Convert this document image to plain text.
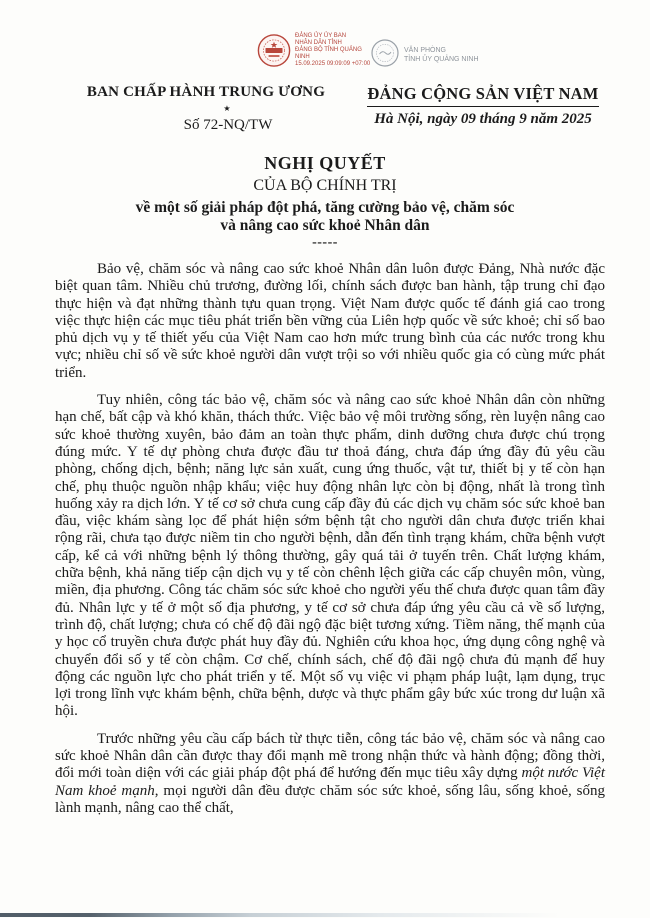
ĐẢNG ỦY ỦY BAN
NHÂN DÂN TỈNH
ĐẢNG BỘ TỈNH QUẢNG
NINH
15.09.2025 09:09:09 +07:00
VĂN PHÒNG
TỈNH ỦY QUẢNG NINH
BAN CHẤP HÀNH TRUNG ƯƠNG
★
Số 72-NQ/TW
ĐẢNG CỘNG SẢN VIỆT NAM
Hà Nội, ngày 09 tháng 9 năm 2025
NGHỊ QUYẾT
CỦA BỘ CHÍNH TRỊ
về một số giải pháp đột phá, tăng cường bảo vệ, chăm sóc
và nâng cao sức khoẻ Nhân dân
-----

Bảo vệ, chăm sóc và nâng cao sức khoẻ Nhân dân luôn được Đảng, Nhà nước đặc biệt quan tâm. Nhiều chủ trương, đường lối, chính sách được ban hành, tập trung chỉ đạo thực hiện và đạt những thành tựu quan trọng. Việt Nam được quốc tế đánh giá cao trong việc thực hiện các mục tiêu phát triển bền vững của Liên hợp quốc về sức khoẻ; chỉ số bao phủ dịch vụ y tế thiết yếu của Việt Nam cao hơn mức trung bình của các nước trong khu vực; nhiều chỉ số về sức khoẻ người dân vượt trội so với nhiều quốc gia có cùng mức phát triển.

Tuy nhiên, công tác bảo vệ, chăm sóc và nâng cao sức khoẻ Nhân dân còn những hạn chế, bất cập và khó khăn, thách thức. Việc bảo vệ môi trường sống, rèn luyện nâng cao sức khoẻ thường xuyên, bảo đảm an toàn thực phẩm, dinh dưỡng chưa được chú trọng đúng mức. Y tế dự phòng chưa được đầu tư thoả đáng, chưa đáp ứng đầy đủ yêu cầu phòng, chống dịch, bệnh; năng lực sản xuất, cung ứng thuốc, vật tư, thiết bị y tế còn hạn chế, phụ thuộc nguồn nhập khẩu; việc huy động nhân lực còn bị động, nhất là trong tình huống xảy ra dịch lớn. Y tế cơ sở chưa cung cấp đầy đủ các dịch vụ chăm sóc sức khoẻ ban đầu, việc khám sàng lọc để phát hiện sớm bệnh tật cho người dân chưa được triển khai rộng rãi, chưa tạo được niềm tin cho người bệnh, dẫn đến tình trạng khám, chữa bệnh vượt cấp, kể cả với những bệnh lý thông thường, gây quá tải ở tuyến trên. Chất lượng khám, chữa bệnh, khả năng tiếp cận dịch vụ y tế còn chênh lệch giữa các cấp chuyên môn, vùng, miền, địa phương. Công tác chăm sóc sức khoẻ cho người yếu thế chưa được quan tâm đầy đủ. Nhân lực y tế ở một số địa phương, y tế cơ sở chưa đáp ứng yêu cầu cả về số lượng, trình độ, chất lượng; chưa có chế độ đãi ngộ đặc biệt tương xứng. Tiềm năng, thế mạnh của y học cổ truyền chưa được phát huy đầy đủ. Nghiên cứu khoa học, ứng dụng công nghệ và chuyển đổi số y tế còn chậm. Cơ chế, chính sách, chế độ đãi ngộ chưa đủ mạnh để huy động các nguồn lực cho phát triển y tế. Một số vụ việc vi phạm pháp luật, lạm dụng, trục lợi trong lĩnh vực khám bệnh, chữa bệnh, dược và thực phẩm gây bức xúc trong dư luận xã hội.

Trước những yêu cầu cấp bách từ thực tiễn, công tác bảo vệ, chăm sóc và nâng cao sức khoẻ Nhân dân cần được thay đổi mạnh mẽ trong nhận thức và hành động; đồng thời, đổi mới toàn diện với các giải pháp đột phá để hướng đến mục tiêu xây dựng một nước Việt Nam khoẻ mạnh, mọi người dân đều được chăm sóc sức khoẻ, sống lâu, sống khoẻ, sống lành mạnh, nâng cao thể chất,
